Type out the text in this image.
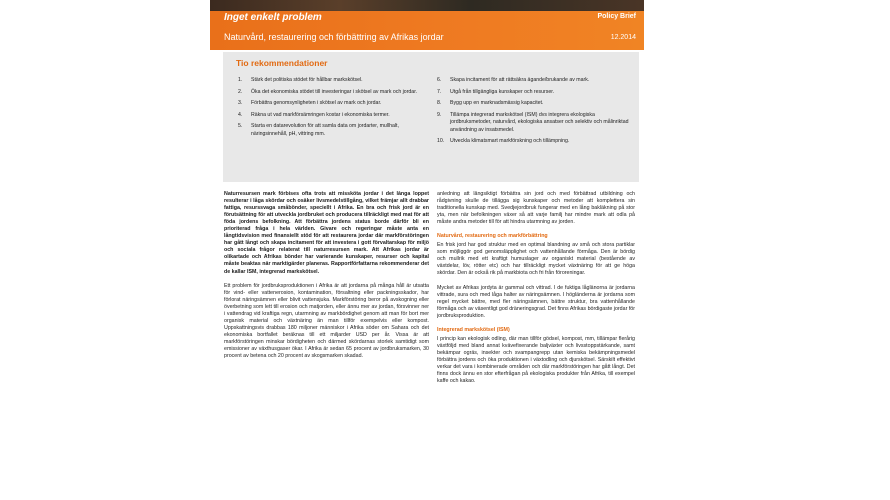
Inget enkelt problem
Naturvård, restaurering och förbättring av Afrikas jordar
Policy Brief
12.2014
Tio rekommendationer
1. Stärk det politiska stödet för hållbar markskötsel.
2. Öka det ekonomiska stödet till investeringar i skötsel av mark och jordar.
3. Förbättra genomsynligheten i skötsel av mark och jordar.
4. Räkna ut vad markförsämringen kostar i ekonomiska termer.
5. Starta en datarevolution för att samla data om jordarter, mullhalt, näringsinnehåll, pH, vittring mm.
6. Skapa incitament för att rättsäkra ägande/brukande av mark.
7. Utgå från tillgängliga kunskaper och resurser.
8. Bygg upp en marknadsmässig kapacitet.
9. Tillämpa integrerad markskötsel (ISM) dvs integrera ekologiska jordbruksmetoder, naturvård, ekologiska ansatser och selektiv och målinriktad användning av insatsmedel.
10. Utveckla klimatsmart markförskning och tillämpning.

Naturresursen mark förbises ofta trots att missköta jordar i det långa loppet resulterar i låga skördar och osäker livsmedelstillgång, vilket främjar allt drabbar fattiga, resurssvaga småbönder, speciellt i Afrika. En bra och frisk jord är en förutsättning för att utveckla jordbruket och producera tillräckligt med mat för att föda jordens befolkning. Att förbättra jordens status borde därför bli en prioriterad fråga i hela världen. Givare och regeringar måste anta en långtidsvision med finansiellt stöd för att restaurera jordar där markförstöringen har gått långt och skapa incitament för att investera i gott förvaltarskap för miljö och sociala frågor relaterat till naturresursen mark. Att Afrikas jordar är olikartade och Afrikas bönder har varierande kunskaper, resurser och kapital måste beaktas när marktigärder planeras. Rapportförfattarna rekommenderar det de kallar ISM, integrerad markskötsel.

Ett problem för jordbruksproduktionen i Afrika är att jordarna på många håll är utsatta för vind- eller vattenerosion, kontamination, försaltning eller packningsskador, har förlorat näringsämnen eller blivit vattensjuka. Markförstöring beror på avskogning eller överbetning som lett till erosion och matjorden, eller ännu mer av jordan, försvinner ner i vattendrag vid kraftiga regn, utarmning av markbördighet genom att man för bort mer organisk material och växtnäring än man tillför exempelvis eller kompost. Uppskattningsvis drabbas 180 miljoner människor i Afrika söder om Sahara och det ekonomiska bortfallet beräknas till ett miljarder USD per år. Vissa är att markförstöringen minskar bördigheten och därmed skördarnas storlek samtidigt som emissioner av växthusgaser ökar. I Afrika är sedan 65 procent av jordbruksmarken, 30 procent av betena och 20 procent av skogsmarken skadad.

anledning att långsiktigt förbättra sin jord och med förbättrad utbildning och rådgivning skulle de tillägga sig kunskaper och metoder att komplettera sin traditionella kunskap med. Svedjejordbruk fungerar med en lång bakläkning på stor yta, men när befolkningen växer så att varje familj har mindre mark att odla på måste andra metoder till för att hindra utarmning av jorden.

Naturvård, restaurering och markförbättring

En frisk jord har god struktur med en optimal blandning av små och stora partiklar som möjliggör god genomsläpplighet och vattenhållande förmåga. Den är bördig och mullrik med ett kraftigt humuslager av organiskt material (bestående av växtdelar, löv, rötter etc) och har tillräckligt mycket växtnäring för att ge höga skördar. Den är också rik på markbiota och fri från föroreningar.

Mycket av Afrikas jordyta är gammal och vittrad. I de fuktiga låglänorna är jordarna vittrade, sura och med låga halter av näringsämnen. I högländerna är jordarna som regel mycket bättre, med fler näringsämnen, bättre struktur, bra vattenhållande förmåga och av väsentligt god dräneringsgrad. Det finns Afrikas bördigaste jordar för jordbruksproduktion.

Integrerad markskötsel (ISM)

I princip kan ekologisk odling, där man tillför gödsel, kompost, mm, tillämpar flerårig växtföljd med bland annat kvävefixerande baljväxter och livsstoppstärkande, samt bekämpar ogräs, insekter och svampangrepp utan kemiska bekämpningsmedel förbättra jordens och öka produktionen i växtodling och djurskötsel. Särskilt effektivt verkar det vara i kombinerade områden och där markförstöringen har gått långt. Det finns dock ännu en stor efterfrågan på ekologiska produkter från Afrika, till exempel kaffe och kakao.
